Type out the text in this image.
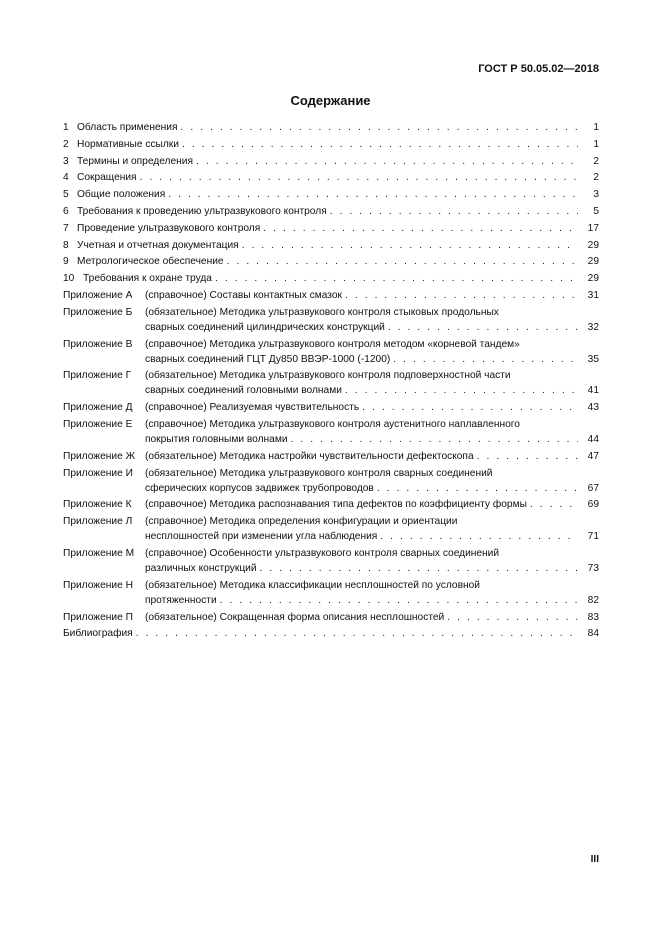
ГОСТ Р 50.05.02—2018
Содержание
1 Область применения . . .	1
2 Нормативные ссылки . . .	1
3 Термины и определения . . .	2
4 Сокращения . . .	2
5 Общие положения . . .	3
6 Требования к проведению ультразвукового контроля . . .	5
7 Проведение ультразвукового контроля . . .	17
8 Учетная и отчетная документация . . .	29
9 Метрологическое обеспечение . . .	29
10 Требования к охране труда . . .	29
Приложение А	(справочное) Составы контактных смазок . . .	31
Приложение Б	(обязательное) Методика ультразвукового контроля стыковых продольных
сварных соединений цилиндрических конструкций . . .	32
Приложение В	(справочное) Методика ультразвукового контроля методом «корневой тандем»
сварных соединений ГЦТ Ду850 ВВЭР-1000 (-1200) . . .	35
Приложение Г	(обязательное) Методика ультразвукового контроля подповерхностной части
сварных соединений головными волнами . . .	41
Приложение Д	(справочное) Реализуемая чувствительность . . .	43
Приложение Е	(справочное) Методика ультразвукового контроля аустенитного наплавленного
покрытия головными волнами . . .	44
Приложение Ж (обязательное) Методика настройки чувствительности дефектоскопа . . .	47
Приложение И	(обязательное) Методика ультразвукового контроля сварных соединений
сферических корпусов задвижек трубопроводов . . .	67
Приложение К	(справочное) Методика распознавания типа дефектов по коэффициенту формы . . .	69
Приложение Л	(справочное) Методика определения конфигурации и ориентации
несплошностей при изменении угла наблюдения . . .	71
Приложение М	(справочное) Особенности ультразвукового контроля сварных соединений
различных конструкций . . .	73
Приложение Н	(обязательное) Методика классификации несплошностей по условной
протяженности . . .	82
Приложение П	(обязательное) Сокращенная форма описания несплошностей . . .	83
Библиография . . .	84
III
